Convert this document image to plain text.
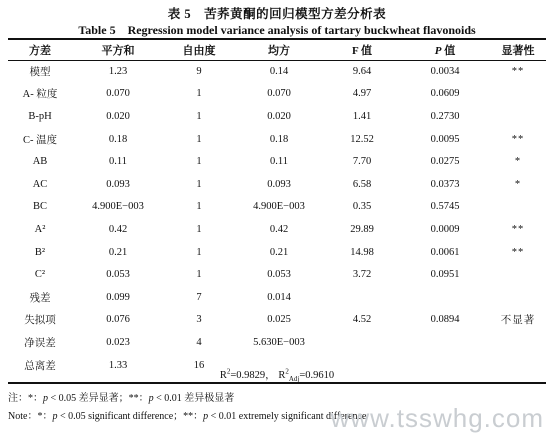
表 5　苦荞黄酮的回归模型方差分析表
Table 5　Regression model variance analysis of tartary buckwheat flavonoids
方差	平方和	自由度	均方	F 值	P 值	显著性
模型	1.23	9	0.14	9.64	0.0034	**
A- 粒度	0.070	1	0.070	4.97	0.0609	
B-pH	0.020	1	0.020	1.41	0.2730	
C- 温度	0.18	1	0.18	12.52	0.0095	**
AB	0.11	1	0.11	7.70	0.0275	*
AC	0.093	1	0.093	6.58	0.0373	*
BC	4.900E−003	1	4.900E−003	0.35	0.5745	
A²	0.42	1	0.42	29.89	0.0009	**
B²	0.21	1	0.21	14.98	0.0061	**
C²	0.053	1	0.053	3.72	0.0951	
残差	0.099	7	0.014			
失拟项	0.076	3	0.025	4.52	0.0894	不显著
净误差	0.023	4	5.630E−003			
总离差	1.33	16				
$R^2=0.9829$， $R^2_{Adj}=0.9610$
注：*：p < 0.05 差异显著；**：p < 0.01 差异极显著
Note：*：p < 0.05 significant difference；**：p < 0.01 extremely significant difference
www.tsswhg.com
